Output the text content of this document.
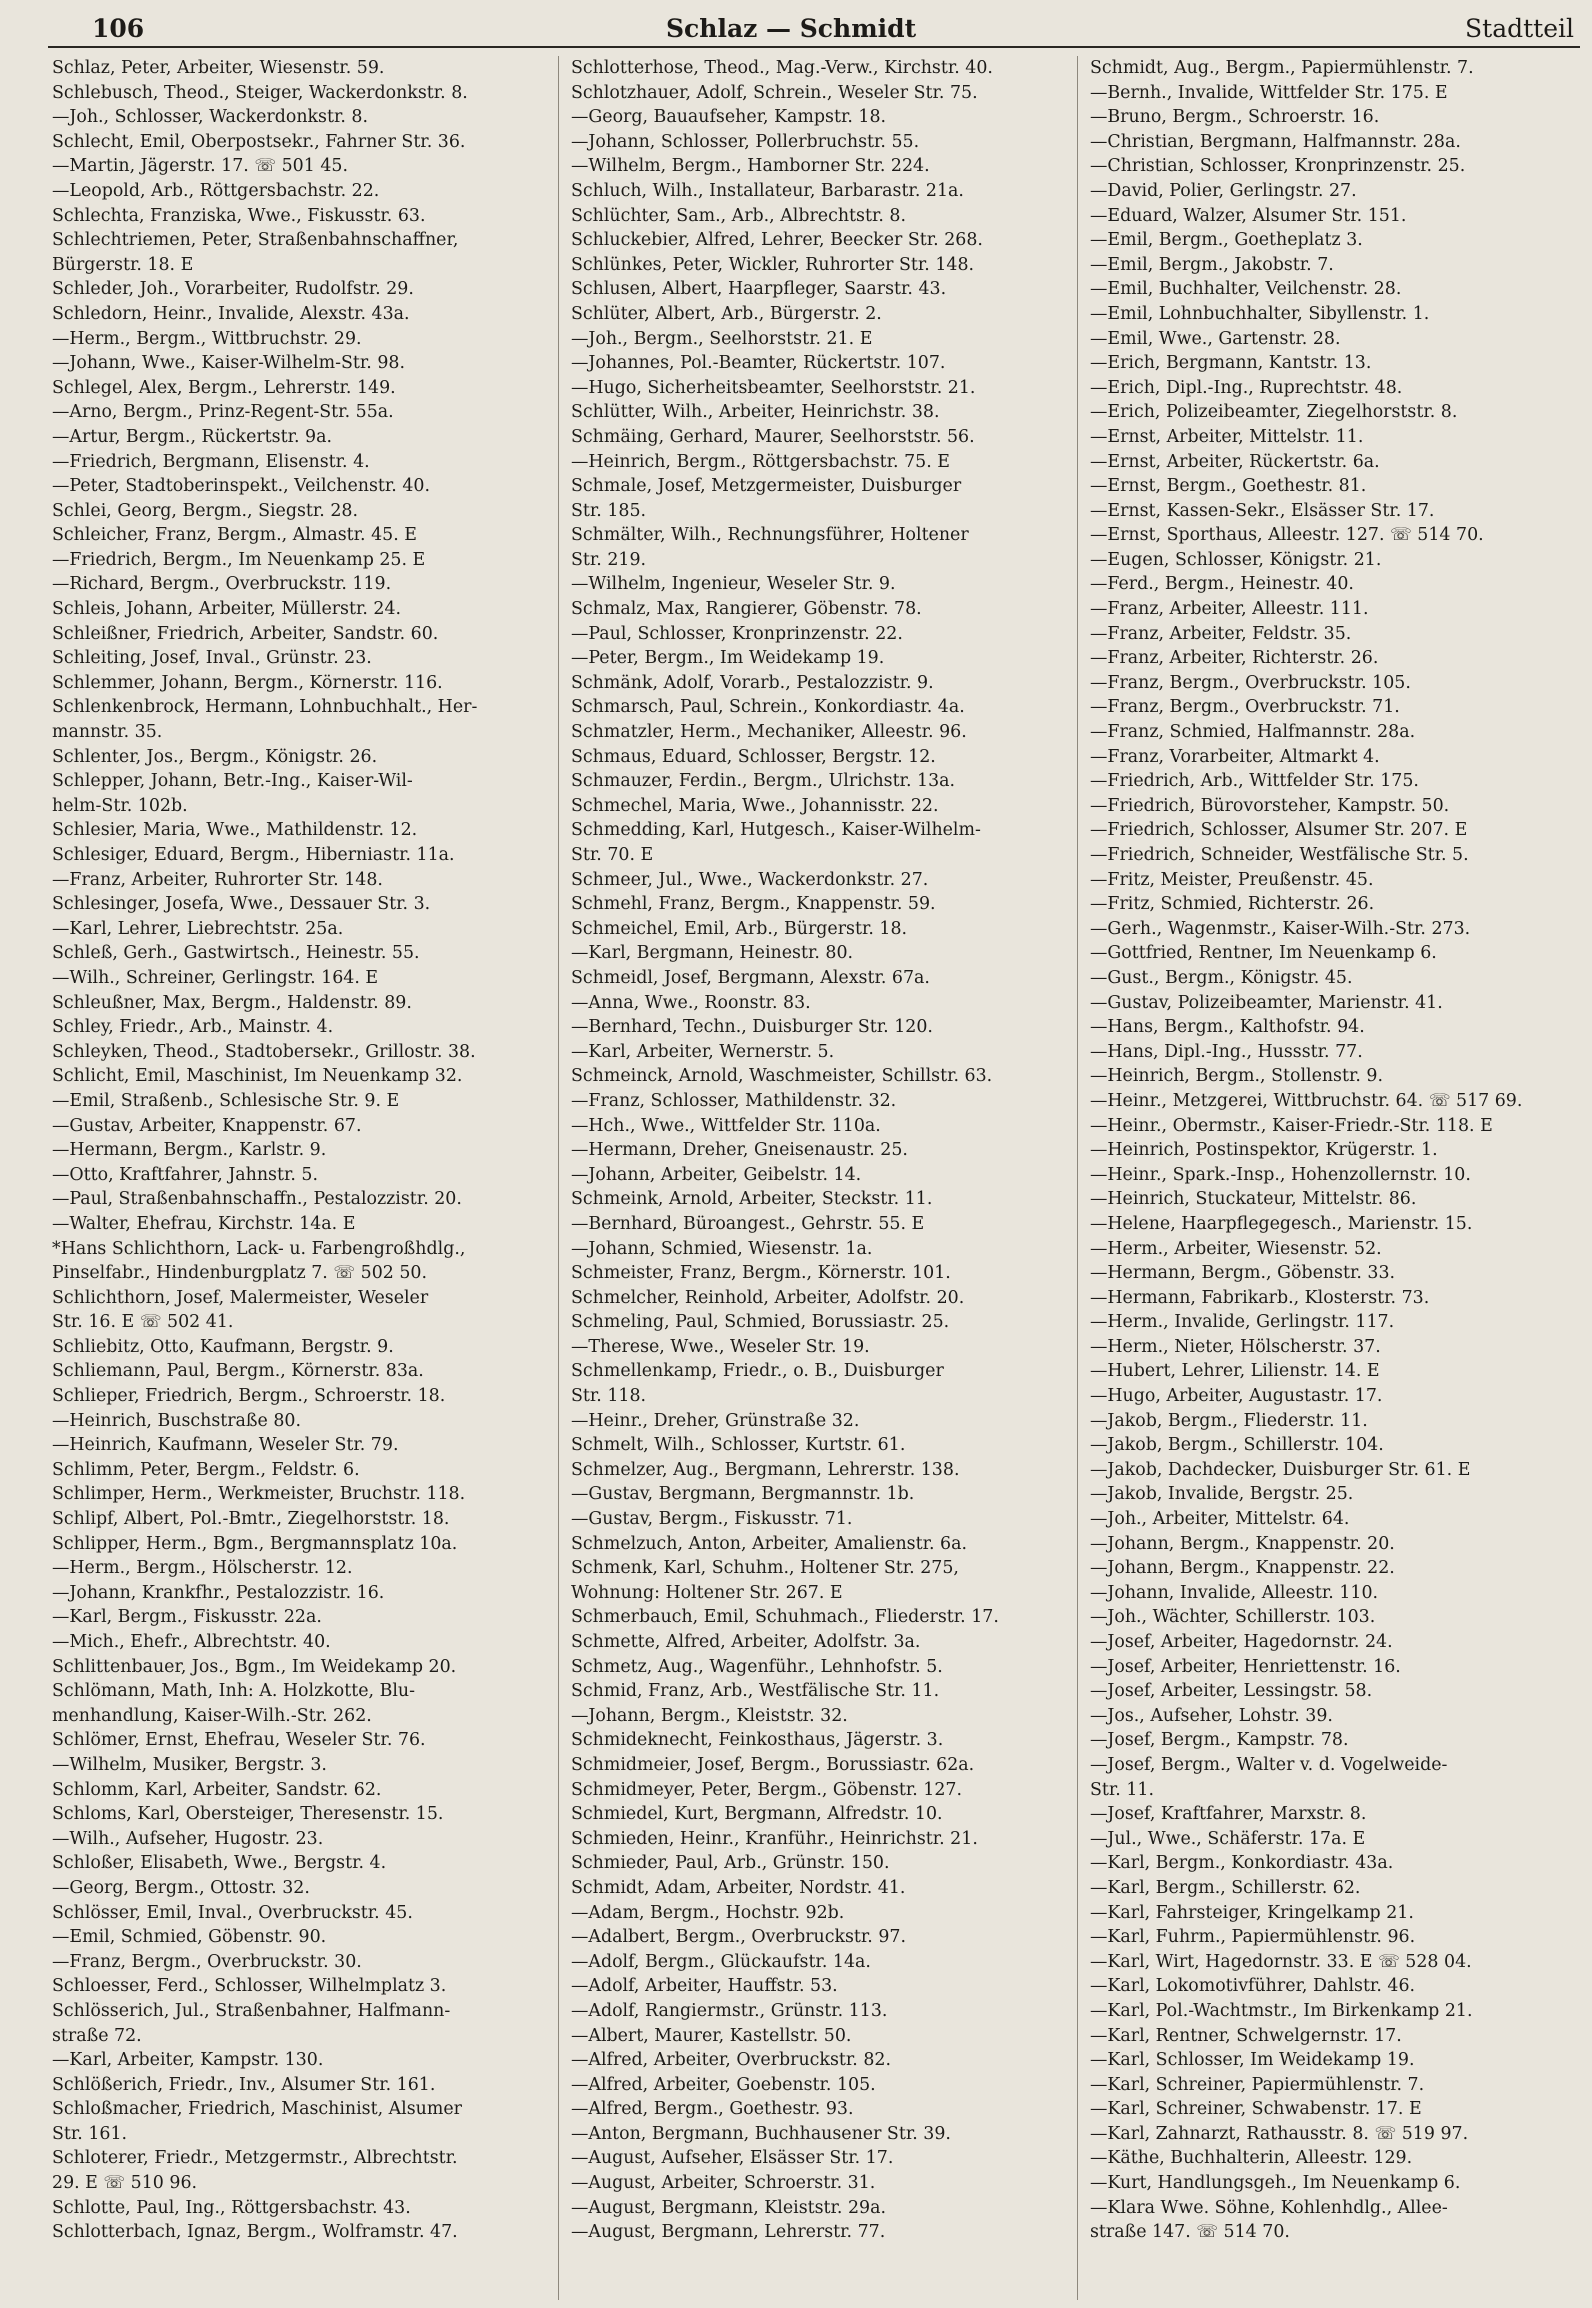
106	Schlaz — Schmidt	Stadtteil
Schlaz, Peter, Arbeiter, Wiesenstr. 59.
Schlebusch, Theod., Steiger, Wackerdonkstr. 8.
—Joh., Schlosser, Wackerdonkstr. 8.
Schlecht, Emil, Oberpostsekr., Fahrner Str. 36.
—Martin, Jägerstr. 17. ☏ 501 45.
—Leopold, Arb., Röttgersbachstr. 22.
Schlechta, Franziska, Wwe., Fiskusstr. 63.
Schlechtriemen, Peter, Straßenbahnschaffner,
Bürgerstr. 18. E
Schleder, Joh., Vorarbeiter, Rudolfstr. 29.
Schledorn, Heinr., Invalide, Alexstr. 43a.
—Herm., Bergm., Wittbruchstr. 29.
—Johann, Wwe., Kaiser-Wilhelm-Str. 98.
Schlegel, Alex, Bergm., Lehrerstr. 149.
—Arno, Bergm., Prinz-Regent-Str. 55a.
—Artur, Bergm., Rückertstr. 9a.
—Friedrich, Bergmann, Elisenstr. 4.
—Peter, Stadtoberinspekt., Veilchenstr. 40.
Schlei, Georg, Bergm., Siegstr. 28.
Schleicher, Franz, Bergm., Almastr. 45. E
—Friedrich, Bergm., Im Neuenkamp 25. E
—Richard, Bergm., Overbruckstr. 119.
Schleis, Johann, Arbeiter, Müllerstr. 24.
Schleißner, Friedrich, Arbeiter, Sandstr. 60.
Schleiting, Josef, Inval., Grünstr. 23.
Schlemmer, Johann, Bergm., Körnerstr. 116.
Schlenkenbrock, Hermann, Lohnbuchhalt., Her-
mannstr. 35.
Schlenter, Jos., Bergm., Königstr. 26.
Schlepper, Johann, Betr.-Ing., Kaiser-Wil-
helm-Str. 102b.
Schlesier, Maria, Wwe., Mathildenstr. 12.
Schlesiger, Eduard, Bergm., Hiberniastr. 11a.
—Franz, Arbeiter, Ruhrorter Str. 148.
Schlesinger, Josefa, Wwe., Dessauer Str. 3.
—Karl, Lehrer, Liebrechtstr. 25a.
Schleß, Gerh., Gastwirtsch., Heinestr. 55.
—Wilh., Schreiner, Gerlingstr. 164. E
Schleußner, Max, Bergm., Haldenstr. 89.
Schley, Friedr., Arb., Mainstr. 4.
Schleyken, Theod., Stadtobersekr., Grillostr. 38.
Schlicht, Emil, Maschinist, Im Neuenkamp 32.
—Emil, Straßenb., Schlesische Str. 9. E
—Gustav, Arbeiter, Knappenstr. 67.
—Hermann, Bergm., Karlstr. 9.
—Otto, Kraftfahrer, Jahnstr. 5.
—Paul, Straßenbahnschaffn., Pestalozzistr. 20.
—Walter, Ehefrau, Kirchstr. 14a. E
*Hans Schlichthorn, Lack- u. Farbengroßhdlg.,
Pinselfabr., Hindenburgplatz 7. ☏ 502 50.
Schlichthorn, Josef, Malermeister, Weseler
Str. 16. E ☏ 502 41.
Schliebitz, Otto, Kaufmann, Bergstr. 9.
Schliemann, Paul, Bergm., Körnerstr. 83a.
Schlieper, Friedrich, Bergm., Schroerstr. 18.
—Heinrich, Buschstraße 80.
—Heinrich, Kaufmann, Weseler Str. 79.
Schlimm, Peter, Bergm., Feldstr. 6.
Schlimper, Herm., Werkmeister, Bruchstr. 118.
Schlipf, Albert, Pol.-Bmtr., Ziegelhorststr. 18.
Schlipper, Herm., Bgm., Bergmannsplatz 10a.
—Herm., Bergm., Hölscherstr. 12.
—Johann, Krankfhr., Pestalozzistr. 16.
—Karl, Bergm., Fiskusstr. 22a.
—Mich., Ehefr., Albrechtstr. 40.
Schlittenbauer, Jos., Bgm., Im Weidekamp 20.
Schlömann, Math, Inh: A. Holzkotte, Blu-
menhandlung, Kaiser-Wilh.-Str. 262.
Schlömer, Ernst, Ehefrau, Weseler Str. 76.
—Wilhelm, Musiker, Bergstr. 3.
Schlomm, Karl, Arbeiter, Sandstr. 62.
Schloms, Karl, Obersteiger, Theresenstr. 15.
—Wilh., Aufseher, Hugostr. 23.
Schloßer, Elisabeth, Wwe., Bergstr. 4.
—Georg, Bergm., Ottostr. 32.
Schlösser, Emil, Inval., Overbruckstr. 45.
—Emil, Schmied, Göbenstr. 90.
—Franz, Bergm., Overbruckstr. 30.
Schloesser, Ferd., Schlosser, Wilhelmplatz 3.
Schlösserich, Jul., Straßenbahner, Halfmann-
straße 72.
—Karl, Arbeiter, Kampstr. 130.
Schlößerich, Friedr., Inv., Alsumer Str. 161.
Schloßmacher, Friedrich, Maschinist, Alsumer
Str. 161.
Schloterer, Friedr., Metzgermstr., Albrechtstr.
29. E ☏ 510 96.
Schlotte, Paul, Ing., Röttgersbachstr. 43.
Schlotterbach, Ignaz, Bergm., Wolframstr. 47.
Schlotterhose, Theod., Mag.-Verw., Kirchstr. 40.
Schlotzhauer, Adolf, Schrein., Weseler Str. 75.
—Georg, Bauaufseher, Kampstr. 18.
—Johann, Schlosser, Pollerbruchstr. 55.
—Wilhelm, Bergm., Hamborner Str. 224.
Schluch, Wilh., Installateur, Barbarastr. 21a.
Schlüchter, Sam., Arb., Albrechtstr. 8.
Schluckebier, Alfred, Lehrer, Beecker Str. 268.
Schlünkes, Peter, Wickler, Ruhrorter Str. 148.
Schlusen, Albert, Haarpfleger, Saarstr. 43.
Schlüter, Albert, Arb., Bürgerstr. 2.
—Joh., Bergm., Seelhorststr. 21. E
—Johannes, Pol.-Beamter, Rückertstr. 107.
—Hugo, Sicherheitsbeamter, Seelhorststr. 21.
Schlütter, Wilh., Arbeiter, Heinrichstr. 38.
Schmäing, Gerhard, Maurer, Seelhorststr. 56.
—Heinrich, Bergm., Röttgersbachstr. 75. E
Schmale, Josef, Metzgermeister, Duisburger
Str. 185.
Schmälter, Wilh., Rechnungsführer, Holtener
Str. 219.
—Wilhelm, Ingenieur, Weseler Str. 9.
Schmalz, Max, Rangierer, Göbenstr. 78.
—Paul, Schlosser, Kronprinzenstr. 22.
—Peter, Bergm., Im Weidekamp 19.
Schmänk, Adolf, Vorarb., Pestalozzistr. 9.
Schmarsch, Paul, Schrein., Konkordiastr. 4a.
Schmatzler, Herm., Mechaniker, Alleestr. 96.
Schmaus, Eduard, Schlosser, Bergstr. 12.
Schmauzer, Ferdin., Bergm., Ulrichstr. 13a.
Schmechel, Maria, Wwe., Johannisstr. 22.
Schmedding, Karl, Hutgesch., Kaiser-Wilhelm-
Str. 70. E
Schmeer, Jul., Wwe., Wackerdonkstr. 27.
Schmehl, Franz, Bergm., Knappenstr. 59.
Schmeichel, Emil, Arb., Bürgerstr. 18.
—Karl, Bergmann, Heinestr. 80.
Schmeidl, Josef, Bergmann, Alexstr. 67a.
—Anna, Wwe., Roonstr. 83.
—Bernhard, Techn., Duisburger Str. 120.
—Karl, Arbeiter, Wernerstr. 5.
Schmeinck, Arnold, Waschmeister, Schillstr. 63.
—Franz, Schlosser, Mathildenstr. 32.
—Hch., Wwe., Wittfelder Str. 110a.
—Hermann, Dreher, Gneisenaustr. 25.
—Johann, Arbeiter, Geibelstr. 14.
Schmeink, Arnold, Arbeiter, Steckstr. 11.
—Bernhard, Büroangest., Gehrstr. 55. E
—Johann, Schmied, Wiesenstr. 1a.
Schmeister, Franz, Bergm., Körnerstr. 101.
Schmelcher, Reinhold, Arbeiter, Adolfstr. 20.
Schmeling, Paul, Schmied, Borussiastr. 25.
—Therese, Wwe., Weseler Str. 19.
Schmellenkamp, Friedr., o. B., Duisburger
Str. 118.
—Heinr., Dreher, Grünstraße 32.
Schmelt, Wilh., Schlosser, Kurtstr. 61.
Schmelzer, Aug., Bergmann, Lehrerstr. 138.
—Gustav, Bergmann, Bergmannstr. 1b.
—Gustav, Bergm., Fiskusstr. 71.
Schmelzuch, Anton, Arbeiter, Amalienstr. 6a.
Schmenk, Karl, Schuhm., Holtener Str. 275,
Wohnung: Holtener Str. 267. E
Schmerbauch, Emil, Schuhmach., Fliederstr. 17.
Schmette, Alfred, Arbeiter, Adolfstr. 3a.
Schmetz, Aug., Wagenführ., Lehnhofstr. 5.
Schmid, Franz, Arb., Westfälische Str. 11.
—Johann, Bergm., Kleiststr. 32.
Schmideknecht, Feinkosthaus, Jägerstr. 3.
Schmidmeier, Josef, Bergm., Borussiastr. 62a.
Schmidmeyer, Peter, Bergm., Göbenstr. 127.
Schmiedel, Kurt, Bergmann, Alfredstr. 10.
Schmieden, Heinr., Kranführ., Heinrichstr. 21.
Schmieder, Paul, Arb., Grünstr. 150.
Schmidt, Adam, Arbeiter, Nordstr. 41.
—Adam, Bergm., Hochstr. 92b.
—Adalbert, Bergm., Overbruckstr. 97.
—Adolf, Bergm., Glückaufstr. 14a.
—Adolf, Arbeiter, Hauffstr. 53.
—Adolf, Rangiermstr., Grünstr. 113.
—Albert, Maurer, Kastellstr. 50.
—Alfred, Arbeiter, Overbruckstr. 82.
—Alfred, Arbeiter, Goebenstr. 105.
—Alfred, Bergm., Goethestr. 93.
—Anton, Bergmann, Buchhausener Str. 39.
—August, Aufseher, Elsässer Str. 17.
—August, Arbeiter, Schroerstr. 31.
—August, Bergmann, Kleiststr. 29a.
—August, Bergmann, Lehrerstr. 77.
Schmidt, Aug., Bergm., Papiermühlenstr. 7.
—Bernh., Invalide, Wittfelder Str. 175. E
—Bruno, Bergm., Schroerstr. 16.
—Christian, Bergmann, Halfmannstr. 28a.
—Christian, Schlosser, Kronprinzenstr. 25.
—David, Polier, Gerlingstr. 27.
—Eduard, Walzer, Alsumer Str. 151.
—Emil, Bergm., Goetheplatz 3.
—Emil, Bergm., Jakobstr. 7.
—Emil, Buchhalter, Veilchenstr. 28.
—Emil, Lohnbuchhalter, Sibyllenstr. 1.
—Emil, Wwe., Gartenstr. 28.
—Erich, Bergmann, Kantstr. 13.
—Erich, Dipl.-Ing., Ruprechtstr. 48.
—Erich, Polizeibeamter, Ziegelhorststr. 8.
—Ernst, Arbeiter, Mittelstr. 11.
—Ernst, Arbeiter, Rückertstr. 6a.
—Ernst, Bergm., Goethestr. 81.
—Ernst, Kassen-Sekr., Elsässer Str. 17.
—Ernst, Sporthaus, Alleestr. 127. ☏ 514 70.
—Eugen, Schlosser, Königstr. 21.
—Ferd., Bergm., Heinestr. 40.
—Franz, Arbeiter, Alleestr. 111.
—Franz, Arbeiter, Feldstr. 35.
—Franz, Arbeiter, Richterstr. 26.
—Franz, Bergm., Overbruckstr. 105.
—Franz, Bergm., Overbruckstr. 71.
—Franz, Schmied, Halfmannstr. 28a.
—Franz, Vorarbeiter, Altmarkt 4.
—Friedrich, Arb., Wittfelder Str. 175.
—Friedrich, Bürovorsteher, Kampstr. 50.
—Friedrich, Schlosser, Alsumer Str. 207. E
—Friedrich, Schneider, Westfälische Str. 5.
—Fritz, Meister, Preußenstr. 45.
—Fritz, Schmied, Richterstr. 26.
—Gerh., Wagenmstr., Kaiser-Wilh.-Str. 273.
—Gottfried, Rentner, Im Neuenkamp 6.
—Gust., Bergm., Königstr. 45.
—Gustav, Polizeibeamter, Marienstr. 41.
—Hans, Bergm., Kalthofstr. 94.
—Hans, Dipl.-Ing., Hussstr. 77.
—Heinrich, Bergm., Stollenstr. 9.
—Heinr., Metzgerei, Wittbruchstr. 64. ☏ 517 69.
—Heinr., Obermstr., Kaiser-Friedr.-Str. 118. E
—Heinrich, Postinspektor, Krügerstr. 1.
—Heinr., Spark.-Insp., Hohenzollernstr. 10.
—Heinrich, Stuckateur, Mittelstr. 86.
—Helene, Haarpflegegesch., Marienstr. 15.
—Herm., Arbeiter, Wiesenstr. 52.
—Hermann, Bergm., Göbenstr. 33.
—Hermann, Fabrikarb., Klosterstr. 73.
—Herm., Invalide, Gerlingstr. 117.
—Herm., Nieter, Hölscherstr. 37.
—Hubert, Lehrer, Lilienstr. 14. E
—Hugo, Arbeiter, Augustastr. 17.
—Jakob, Bergm., Fliederstr. 11.
—Jakob, Bergm., Schillerstr. 104.
—Jakob, Dachdecker, Duisburger Str. 61. E
—Jakob, Invalide, Bergstr. 25.
—Joh., Arbeiter, Mittelstr. 64.
—Johann, Bergm., Knappenstr. 20.
—Johann, Bergm., Knappenstr. 22.
—Johann, Invalide, Alleestr. 110.
—Joh., Wächter, Schillerstr. 103.
—Josef, Arbeiter, Hagedornstr. 24.
—Josef, Arbeiter, Henriettenstr. 16.
—Josef, Arbeiter, Lessingstr. 58.
—Jos., Aufseher, Lohstr. 39.
—Josef, Bergm., Kampstr. 78.
—Josef, Bergm., Walter v. d. Vogelweide-
Str. 11.
—Josef, Kraftfahrer, Marxstr. 8.
—Jul., Wwe., Schäferstr. 17a. E
—Karl, Bergm., Konkordiastr. 43a.
—Karl, Bergm., Schillerstr. 62.
—Karl, Fahrsteiger, Kringelkamp 21.
—Karl, Fuhrm., Papiermühlenstr. 96.
—Karl, Wirt, Hagedornstr. 33. E ☏ 528 04.
—Karl, Lokomotivführer, Dahlstr. 46.
—Karl, Pol.-Wachtmstr., Im Birkenkamp 21.
—Karl, Rentner, Schwelgernstr. 17.
—Karl, Schlosser, Im Weidekamp 19.
—Karl, Schreiner, Papiermühlenstr. 7.
—Karl, Schreiner, Schwabenstr. 17. E
—Karl, Zahnarzt, Rathausstr. 8. ☏ 519 97.
—Käthe, Buchhalterin, Alleestr. 129.
—Kurt, Handlungsgeh., Im Neuenkamp 6.
—Klara Wwe. Söhne, Kohlenhdlg., Allee-
straße 147. ☏ 514 70.
